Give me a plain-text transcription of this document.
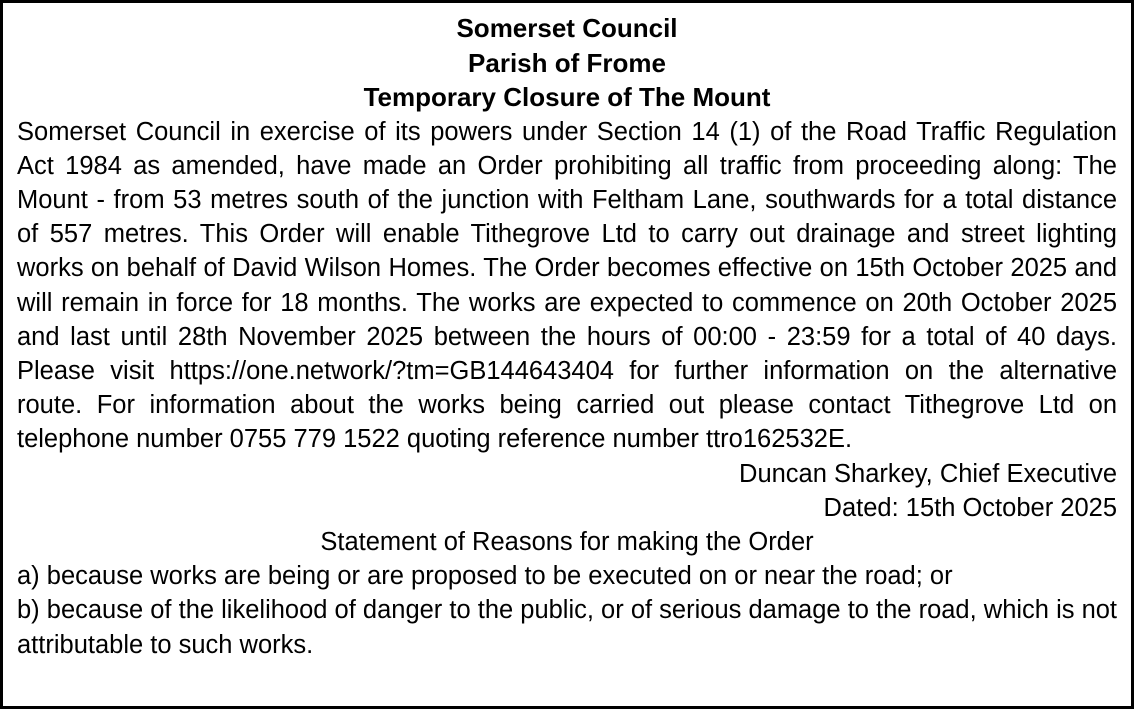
Somerset Council

Parish of Frome

Temporary Closure of The Mount

Somerset Council in exercise of its powers under Section 14 (1) of the Road Traffic Regulation Act 1984 as amended, have made an Order prohibiting all traffic from proceeding along: The Mount - from 53 metres south of the junction with Feltham Lane, southwards for a total distance of 557 metres. This Order will enable Tithegrove Ltd to carry out drainage and street lighting works on behalf of David Wilson Homes. The Order becomes effective on 15th October 2025 and will remain in force for 18 months. The works are expected to commence on 20th October 2025 and last until 28th November 2025 between the hours of 00:00 - 23:59 for a total of 40 days. Please visit https://one.network/?tm=GB144643404 for further information on the alternative route. For information about the works being carried out please contact Tithegrove Ltd on telephone number 0755 779 1522 quoting reference number ttro162532E.

Duncan Sharkey, Chief Executive

Dated: 15th October 2025

Statement of Reasons for making the Order

a) because works are being or are proposed to be executed on or near the road; or

b) because of the likelihood of danger to the public, or of serious damage to the road, which is not attributable to such works.
